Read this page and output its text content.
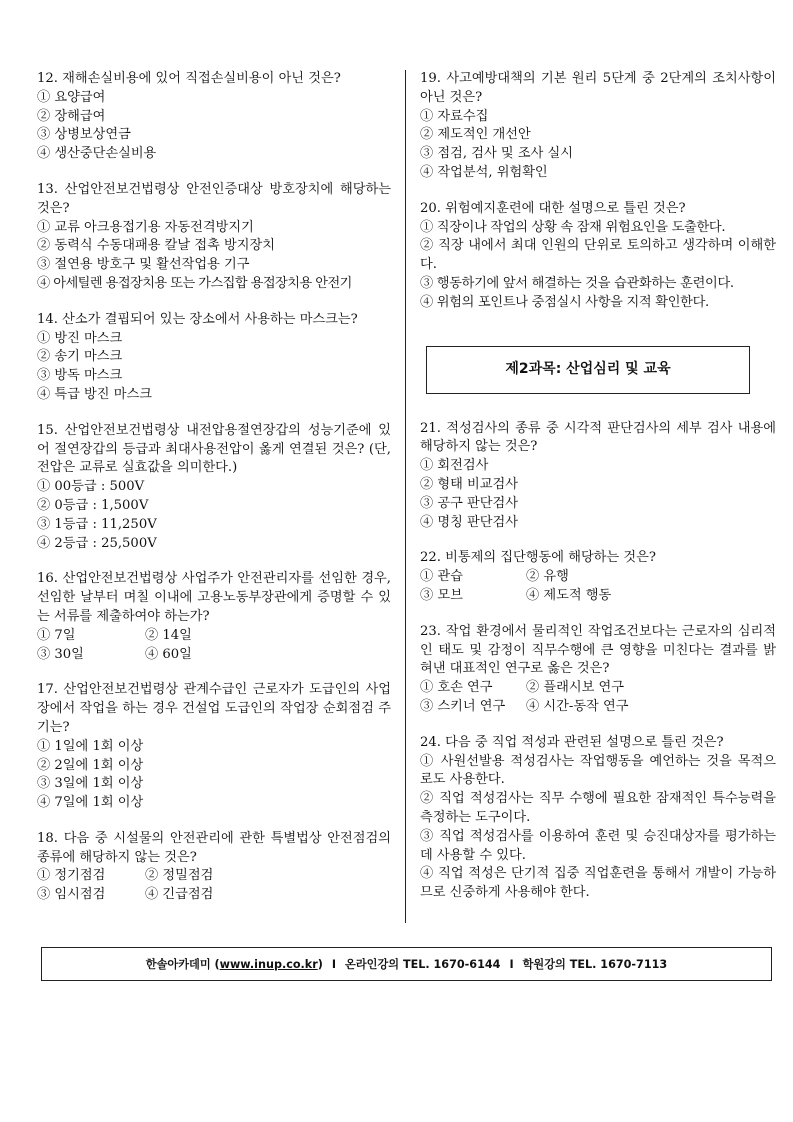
12. 재해손실비용에 있어 직접손실비용이 아닌 것은?
① 요양급여
② 장해급여
③ 상병보상연금
④ 생산중단손실비용
13. 산업안전보건법령상 안전인증대상 방호장치에 해당하는 것은?
① 교류 아크용접기용 자동전격방지기
② 동력식 수동대패용 칼날 접촉 방지장치
③ 절연용 방호구 및 활선작업용 기구
④ 아세틸렌 용접장치용 또는 가스집합 용접장치용 안전기
14. 산소가 결핍되어 있는 장소에서 사용하는 마스크는?
① 방진 마스크
② 송기 마스크
③ 방독 마스크
④ 특급 방진 마스크
15. 산업안전보건법령상 내전압용절연장갑의 성능기준에 있어 절연장갑의 등급과 최대사용전압이 옳게 연결된 것은? (단, 전압은 교류로 실효값을 의미한다.)
① 00등급 : 500V
② 0등급 : 1,500V
③ 1등급 : 11,250V
④ 2등급 : 25,500V
16. 산업안전보건법령상 사업주가 안전관리자를 선임한 경우, 선임한 날부터 며칠 이내에 고용노동부장관에게 증명할 수 있는 서류를 제출하여야 하는가?
① 7일	② 14일
③ 30일	④ 60일
17. 산업안전보건법령상 관계수급인 근로자가 도급인의 사업장에서 작업을 하는 경우 건설업 도급인의 작업장 순회점검 주기는?
① 1일에 1회 이상
② 2일에 1회 이상
③ 3일에 1회 이상
④ 7일에 1회 이상
18. 다음 중 시설물의 안전관리에 관한 특별법상 안전점검의 종류에 해당하지 않는 것은?
① 정기점검	② 정밀점검
③ 임시점검	④ 긴급점검
19. 사고예방대책의 기본 원리 5단계 중 2단계의 조치사항이 아닌 것은?
① 자료수집
② 제도적인 개선안
③ 점검, 검사 및 조사 실시
④ 작업분석, 위험확인
20. 위험예지훈련에 대한 설명으로 틀린 것은?
① 직장이나 작업의 상황 속 잠재 위험요인을 도출한다.
② 직장 내에서 최대 인원의 단위로 토의하고 생각하며 이해한다.
③ 행동하기에 앞서 해결하는 것을 습관화하는 훈련이다.
④ 위험의 포인트나 중점실시 사항을 지적 확인한다.
제2과목: 산업심리 및 교육
21. 적성검사의 종류 중 시각적 판단검사의 세부 검사 내용에 해당하지 않는 것은?
① 회전검사
② 형태 비교검사
③ 공구 판단검사
④ 명칭 판단검사
22. 비통제의 집단행동에 해당하는 것은?
① 관습	② 유행
③ 모브	④ 제도적 행동
23. 작업 환경에서 물리적인 작업조건보다는 근로자의 심리적인 태도 및 감정이 직무수행에 큰 영향을 미친다는 결과를 밝혀낸 대표적인 연구로 옳은 것은?
① 호손 연구	② 플래시보 연구
③ 스키너 연구	④ 시간-동작 연구
24. 다음 중 직업 적성과 관련된 설명으로 틀린 것은?
① 사원선발용 적성검사는 작업행동을 예언하는 것을 목적으로도 사용한다.
② 직업 적성검사는 직무 수행에 필요한 잠재적인 특수능력을 측정하는 도구이다.
③ 직업 적성검사를 이용하여 훈련 및 승진대상자를 평가하는데 사용할 수 있다.
④ 직업 적성은 단기적 집중 직업훈련을 통해서 개발이 가능하므로 신중하게 사용해야 한다.
한솔아카데미 ( www.inup.co.kr ) I 온라인강의 TEL. 1670-6144 I 학원강의 TEL. 1670-7113
